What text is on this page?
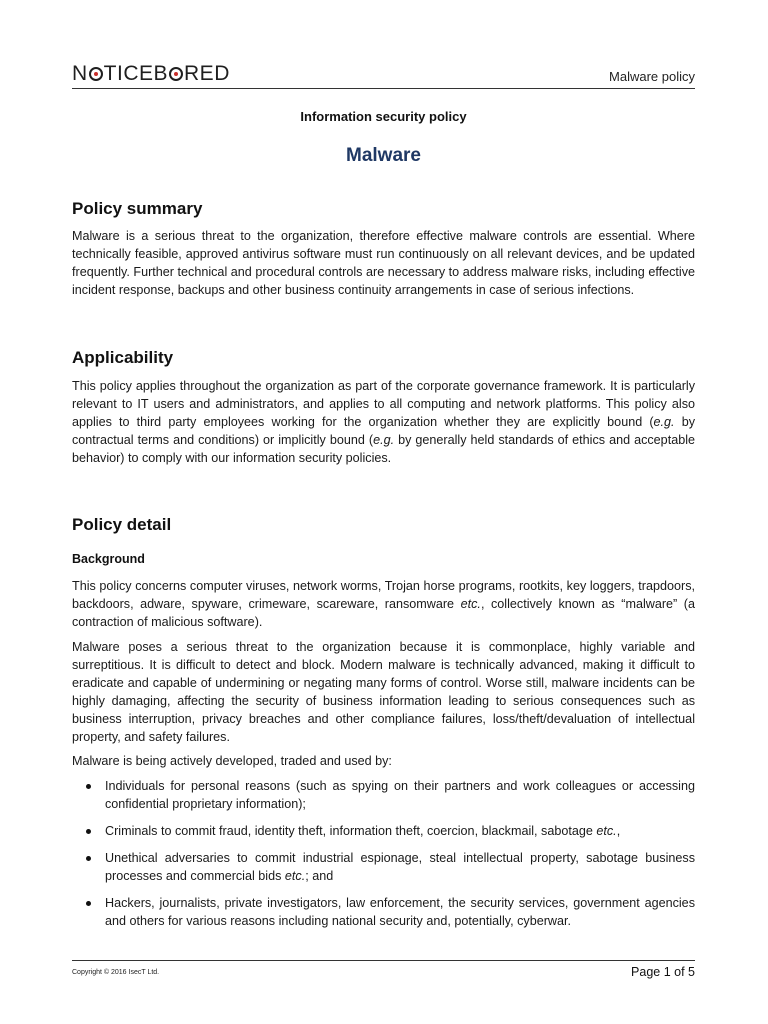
N TICEB RED	Malware policy
Information security policy
Malware
Policy summary
Malware is a serious threat to the organization, therefore effective malware controls are essential. Where technically feasible, approved antivirus software must run continuously on all relevant devices, and be updated frequently. Further technical and procedural controls are necessary to address malware risks, including effective incident response, backups and other business continuity arrangements in case of serious infections.
Applicability
This policy applies throughout the organization as part of the corporate governance framework. It is particularly relevant to IT users and administrators, and applies to all computing and network platforms. This policy also applies to third party employees working for the organization whether they are explicitly bound (e.g. by contractual terms and conditions) or implicitly bound (e.g. by generally held standards of ethics and acceptable behavior) to comply with our information security policies.
Policy detail
Background
This policy concerns computer viruses, network worms, Trojan horse programs, rootkits, key loggers, trapdoors, backdoors, adware, spyware, crimeware, scareware, ransomware etc., collectively known as “malware” (a contraction of malicious software).
Malware poses a serious threat to the organization because it is commonplace, highly variable and surreptitious. It is difficult to detect and block. Modern malware is technically advanced, making it difficult to eradicate and capable of undermining or negating many forms of control. Worse still, malware incidents can be highly damaging, affecting the security of business information leading to serious consequences such as business interruption, privacy breaches and other compliance failures, loss/theft/devaluation of intellectual property, and safety failures.
Malware is being actively developed, traded and used by:
Individuals for personal reasons (such as spying on their partners and work colleagues or accessing confidential proprietary information);
Criminals to commit fraud, identity theft, information theft, coercion, blackmail, sabotage etc.,
Unethical adversaries to commit industrial espionage, steal intellectual property, sabotage business processes and commercial bids etc.; and
Hackers, journalists, private investigators, law enforcement, the security services, government agencies and others for various reasons including national security and, potentially, cyberwar.
Copyright © 2016 IsecT Ltd.	Page 1 of 5
